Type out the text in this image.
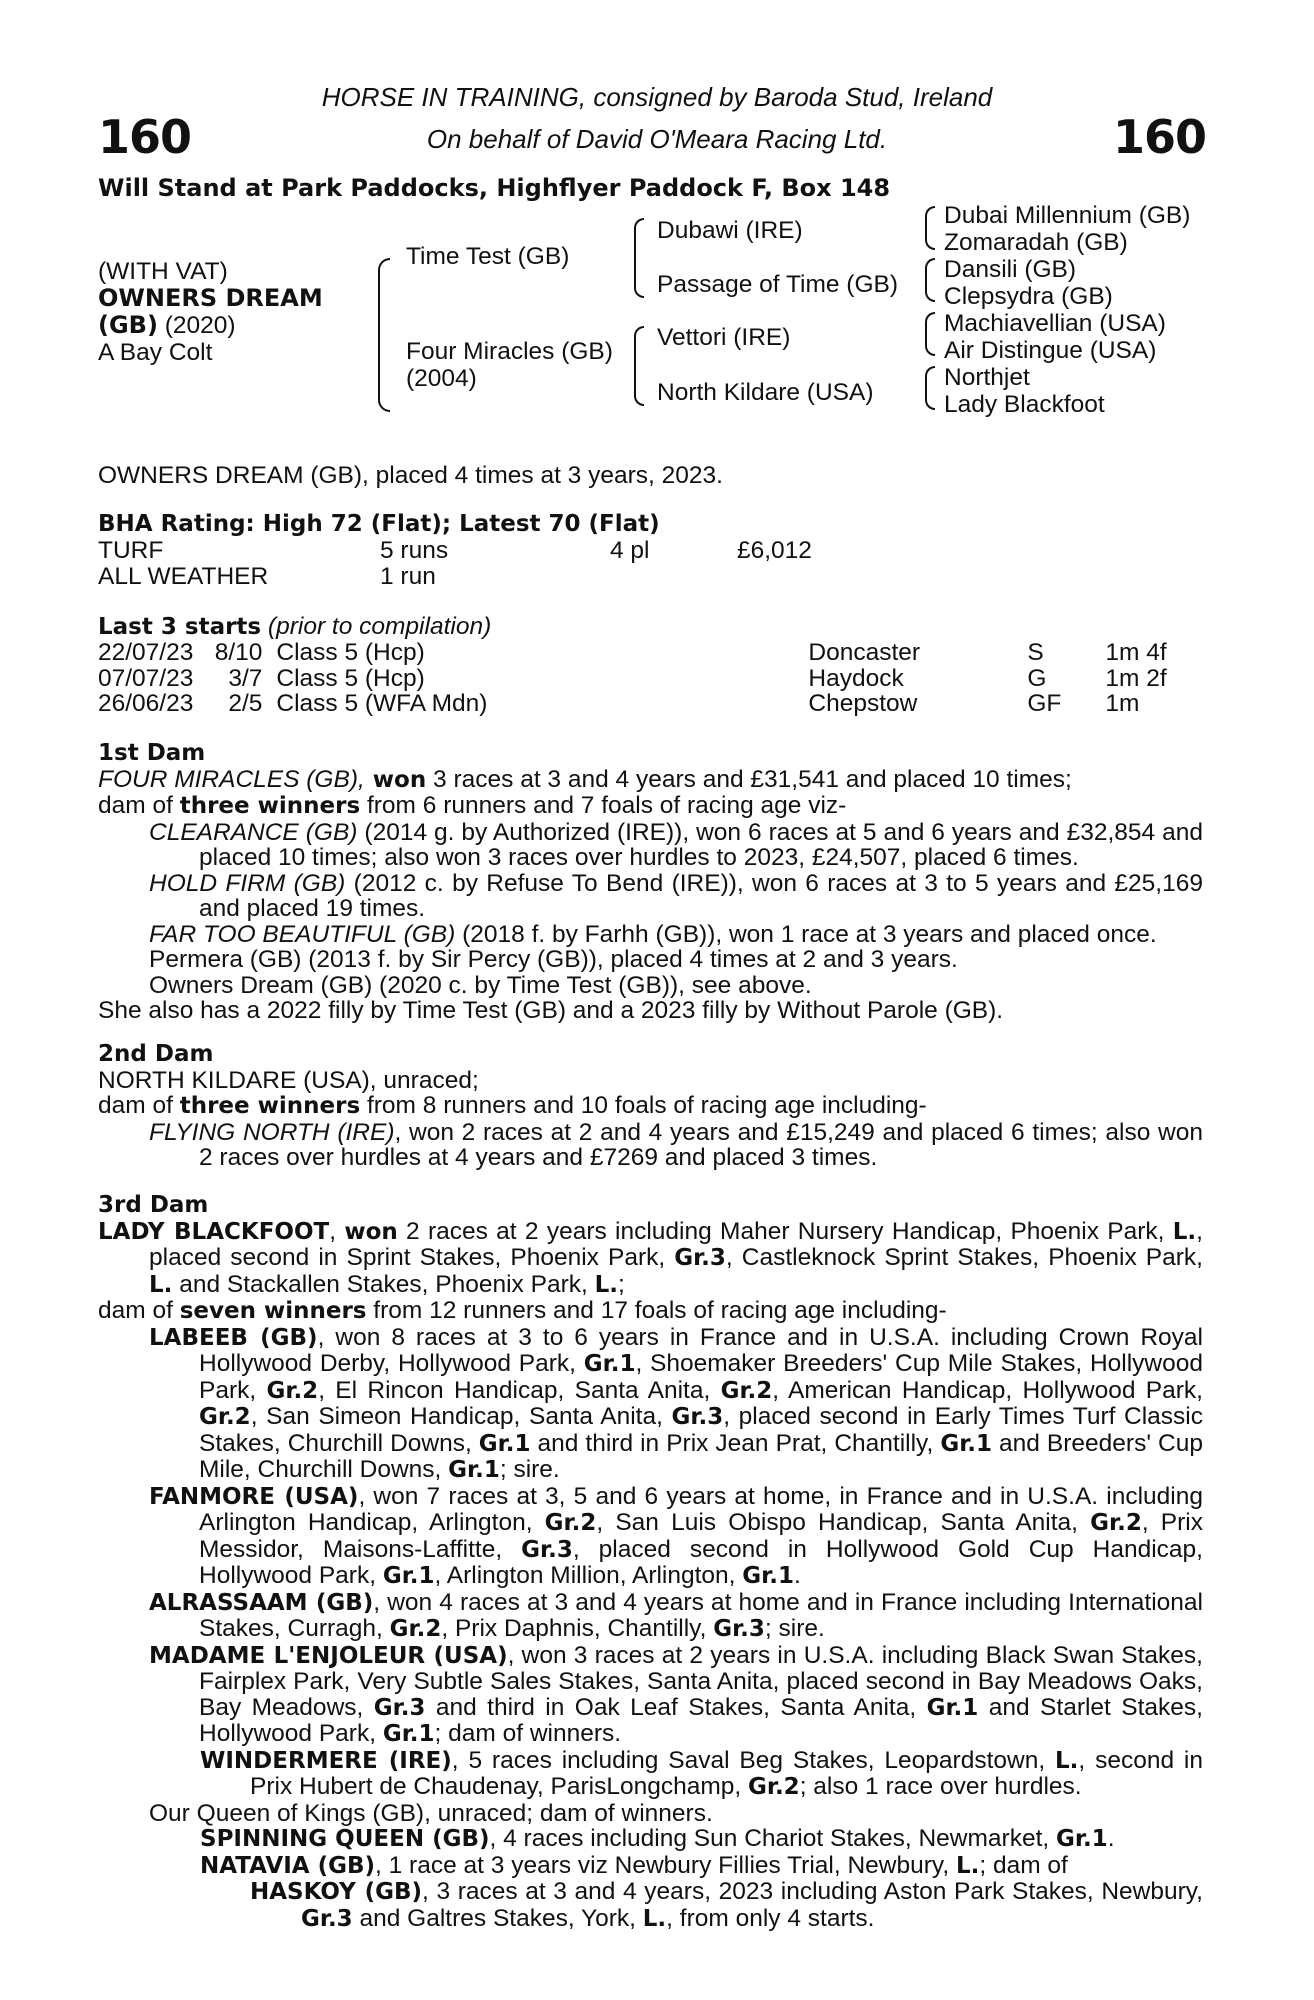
160	160
HORSE IN TRAINING, consigned by Baroda Stud, Ireland
On behalf of David O'Meara Racing Ltd.
Will Stand at Park Paddocks, Highflyer Paddock F, Box 148
(WITH VAT)
OWNERS DREAM
(GB) (2020)
A Bay Colt
Time Test (GB)
Four Miracles (GB)
(2004)
Dubawi (IRE)
Passage of Time (GB)
Vettori (IRE)
North Kildare (USA)
Dubai Millennium (GB)
Zomaradah (GB)
Dansili (GB)
Clepsydra (GB)
Machiavellian (USA)
Air Distingue (USA)
Northjet
Lady Blackfoot
OWNERS DREAM (GB), placed 4 times at 3 years, 2023.
BHA Rating: High 72 (Flat); Latest 70 (Flat)
TURF	5 runs	4 pl	£6,012
ALL WEATHER	1 run		
Last 3 starts (prior to compilation)
22/07/23	8/10	Class 5 (Hcp)	Doncaster	S	1m 4f
07/07/23	3/7	Class 5 (Hcp)	Haydock	G	1m 2f
26/06/23	2/5	Class 5 (WFA Mdn)	Chepstow	GF	1m

1st Dam

FOUR MIRACLES (GB), won 3 races at 3 and 4 years and £31,541 and placed 10 times;

dam of three winners from 6 runners and 7 foals of racing age viz-

CLEARANCE (GB) (2014 g. by Authorized (IRE)), won 6 races at 5 and 6 years and £32,854 and placed 10 times; also won 3 races over hurdles to 2023, £24,507, placed 6 times.

HOLD FIRM (GB) (2012 c. by Refuse To Bend (IRE)), won 6 races at 3 to 5 years and £25,169 and placed 19 times.

FAR TOO BEAUTIFUL (GB) (2018 f. by Farhh (GB)), won 1 race at 3 years and placed once.

Permera (GB) (2013 f. by Sir Percy (GB)), placed 4 times at 2 and 3 years.

Owners Dream (GB) (2020 c. by Time Test (GB)), see above.

She also has a 2022 filly by Time Test (GB) and a 2023 filly by Without Parole (GB).

2nd Dam

NORTH KILDARE (USA), unraced;

dam of three winners from 8 runners and 10 foals of racing age including-

FLYING NORTH (IRE), won 2 races at 2 and 4 years and £15,249 and placed 6 times; also won 2 races over hurdles at 4 years and £7269 and placed 3 times.

3rd Dam

LADY BLACKFOOT, won 2 races at 2 years including Maher Nursery Handicap, Phoenix Park, L., placed second in Sprint Stakes, Phoenix Park, Gr.3, Castleknock Sprint Stakes, Phoenix Park, L. and Stackallen Stakes, Phoenix Park, L.;

dam of seven winners from 12 runners and 17 foals of racing age including-

LABEEB (GB), won 8 races at 3 to 6 years in France and in U.S.A. including Crown Royal Hollywood Derby, Hollywood Park, Gr.1, Shoemaker Breeders' Cup Mile Stakes, Hollywood Park, Gr.2, El Rincon Handicap, Santa Anita, Gr.2, American Handicap, Hollywood Park, Gr.2, San Simeon Handicap, Santa Anita, Gr.3, placed second in Early Times Turf Classic Stakes, Churchill Downs, Gr.1 and third in Prix Jean Prat, Chantilly, Gr.1 and Breeders' Cup Mile, Churchill Downs, Gr.1; sire.

FANMORE (USA), won 7 races at 3, 5 and 6 years at home, in France and in U.S.A. including Arlington Handicap, Arlington, Gr.2, San Luis Obispo Handicap, Santa Anita, Gr.2, Prix Messidor, Maisons-Laffitte, Gr.3, placed second in Hollywood Gold Cup Handicap, Hollywood Park, Gr.1, Arlington Million, Arlington, Gr.1.

ALRASSAAM (GB), won 4 races at 3 and 4 years at home and in France including International Stakes, Curragh, Gr.2, Prix Daphnis, Chantilly, Gr.3; sire.

MADAME L'ENJOLEUR (USA), won 3 races at 2 years in U.S.A. including Black Swan Stakes, Fairplex Park, Very Subtle Sales Stakes, Santa Anita, placed second in Bay Meadows Oaks, Bay Meadows, Gr.3 and third in Oak Leaf Stakes, Santa Anita, Gr.1 and Starlet Stakes, Hollywood Park, Gr.1; dam of winners.

WINDERMERE (IRE), 5 races including Saval Beg Stakes, Leopardstown, L., second in Prix Hubert de Chaudenay, ParisLongchamp, Gr.2; also 1 race over hurdles.

Our Queen of Kings (GB), unraced; dam of winners.

SPINNING QUEEN (GB), 4 races including Sun Chariot Stakes, Newmarket, Gr.1.

NATAVIA (GB), 1 race at 3 years viz Newbury Fillies Trial, Newbury, L.; dam of

HASKOY (GB), 3 races at 3 and 4 years, 2023 including Aston Park Stakes, Newbury, Gr.3 and Galtres Stakes, York, L., from only 4 starts.
